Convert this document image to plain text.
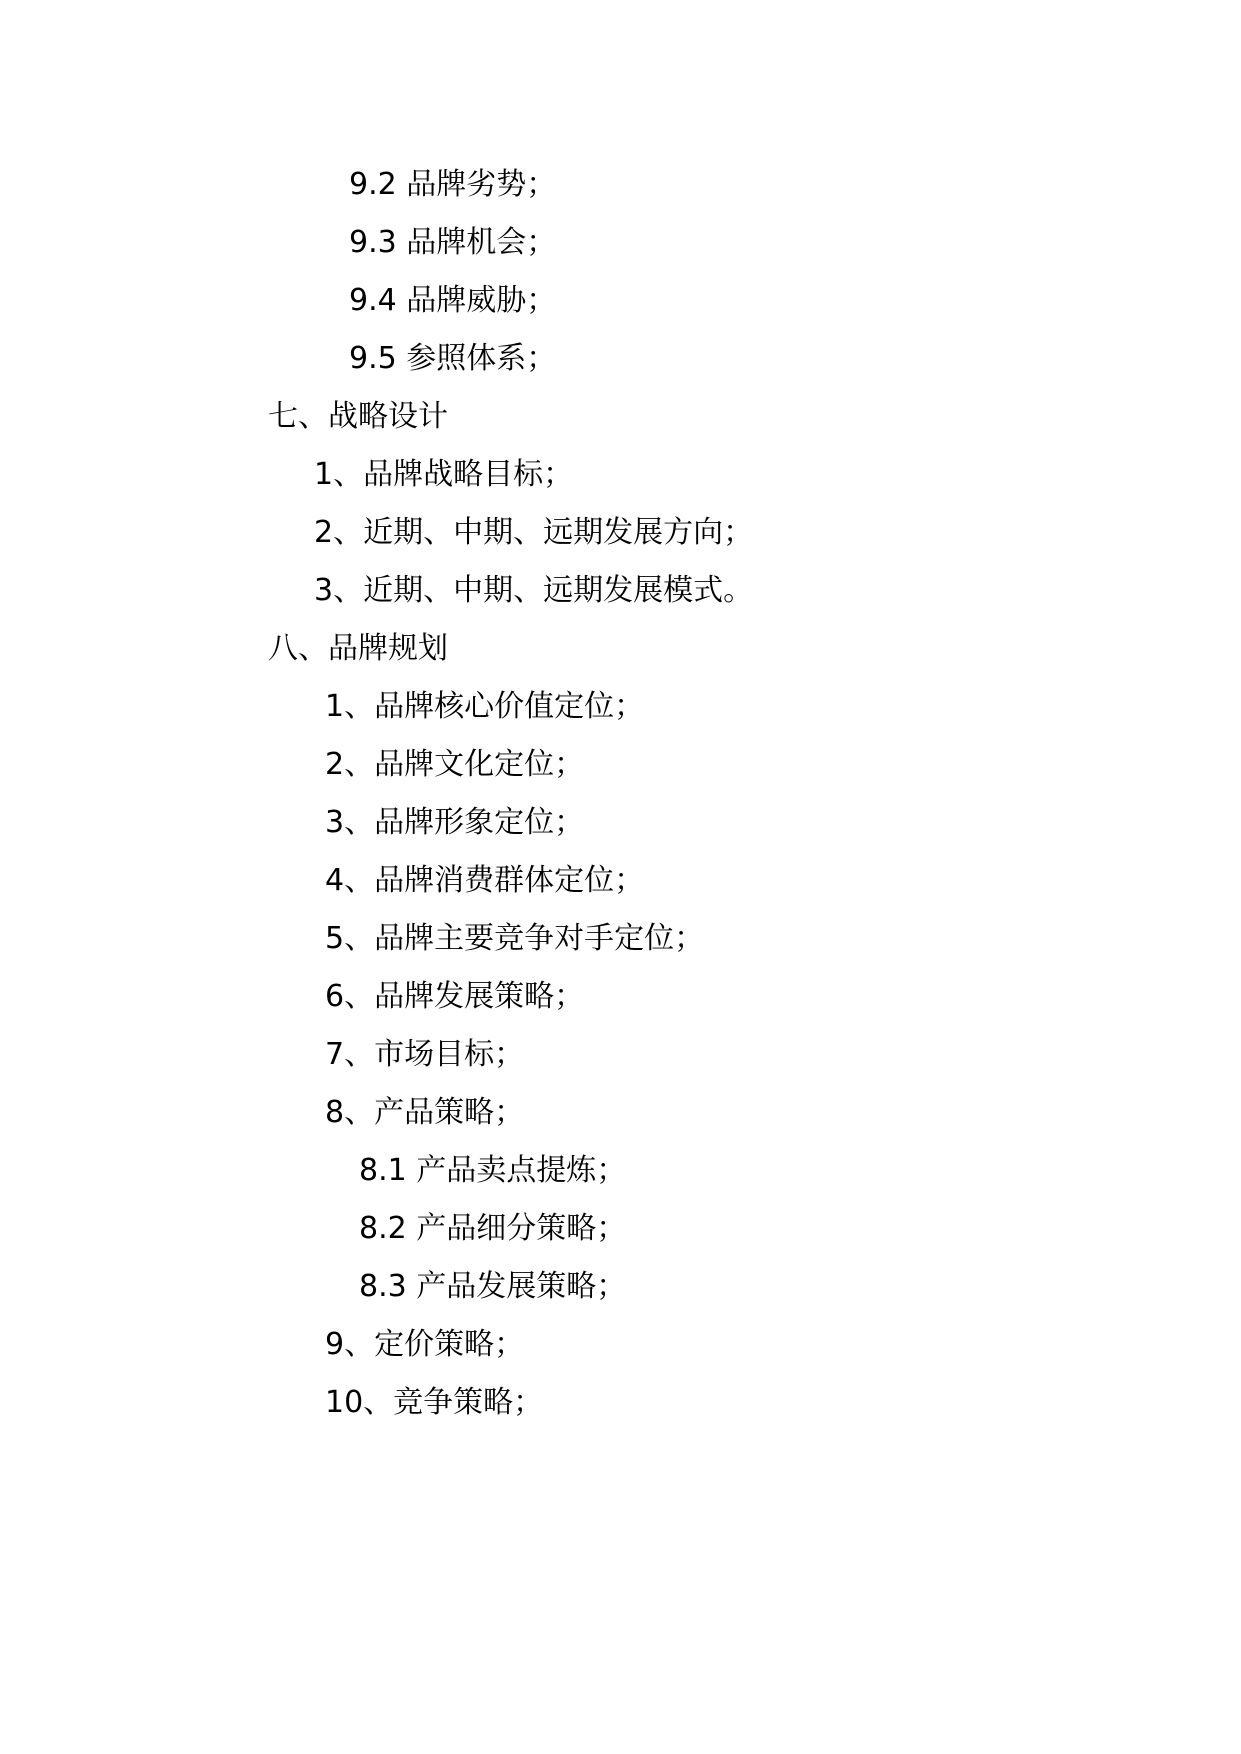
9.2 品牌劣势；
9.3 品牌机会；
9.4 品牌威胁；
9.5 参照体系；
七、战略设计
1、品牌战略目标；
2、近期、中期、远期发展方向；
3、近期、中期、远期发展模式。
八、品牌规划
1、品牌核心价值定位；
2、品牌文化定位；
3、品牌形象定位；
4、品牌消费群体定位；
5、品牌主要竞争对手定位；
6、品牌发展策略；
7、市场目标；
8、产品策略；
8.1 产品卖点提炼；
8.2 产品细分策略；
8.3 产品发展策略；
9、定价策略；
10、竞争策略；
